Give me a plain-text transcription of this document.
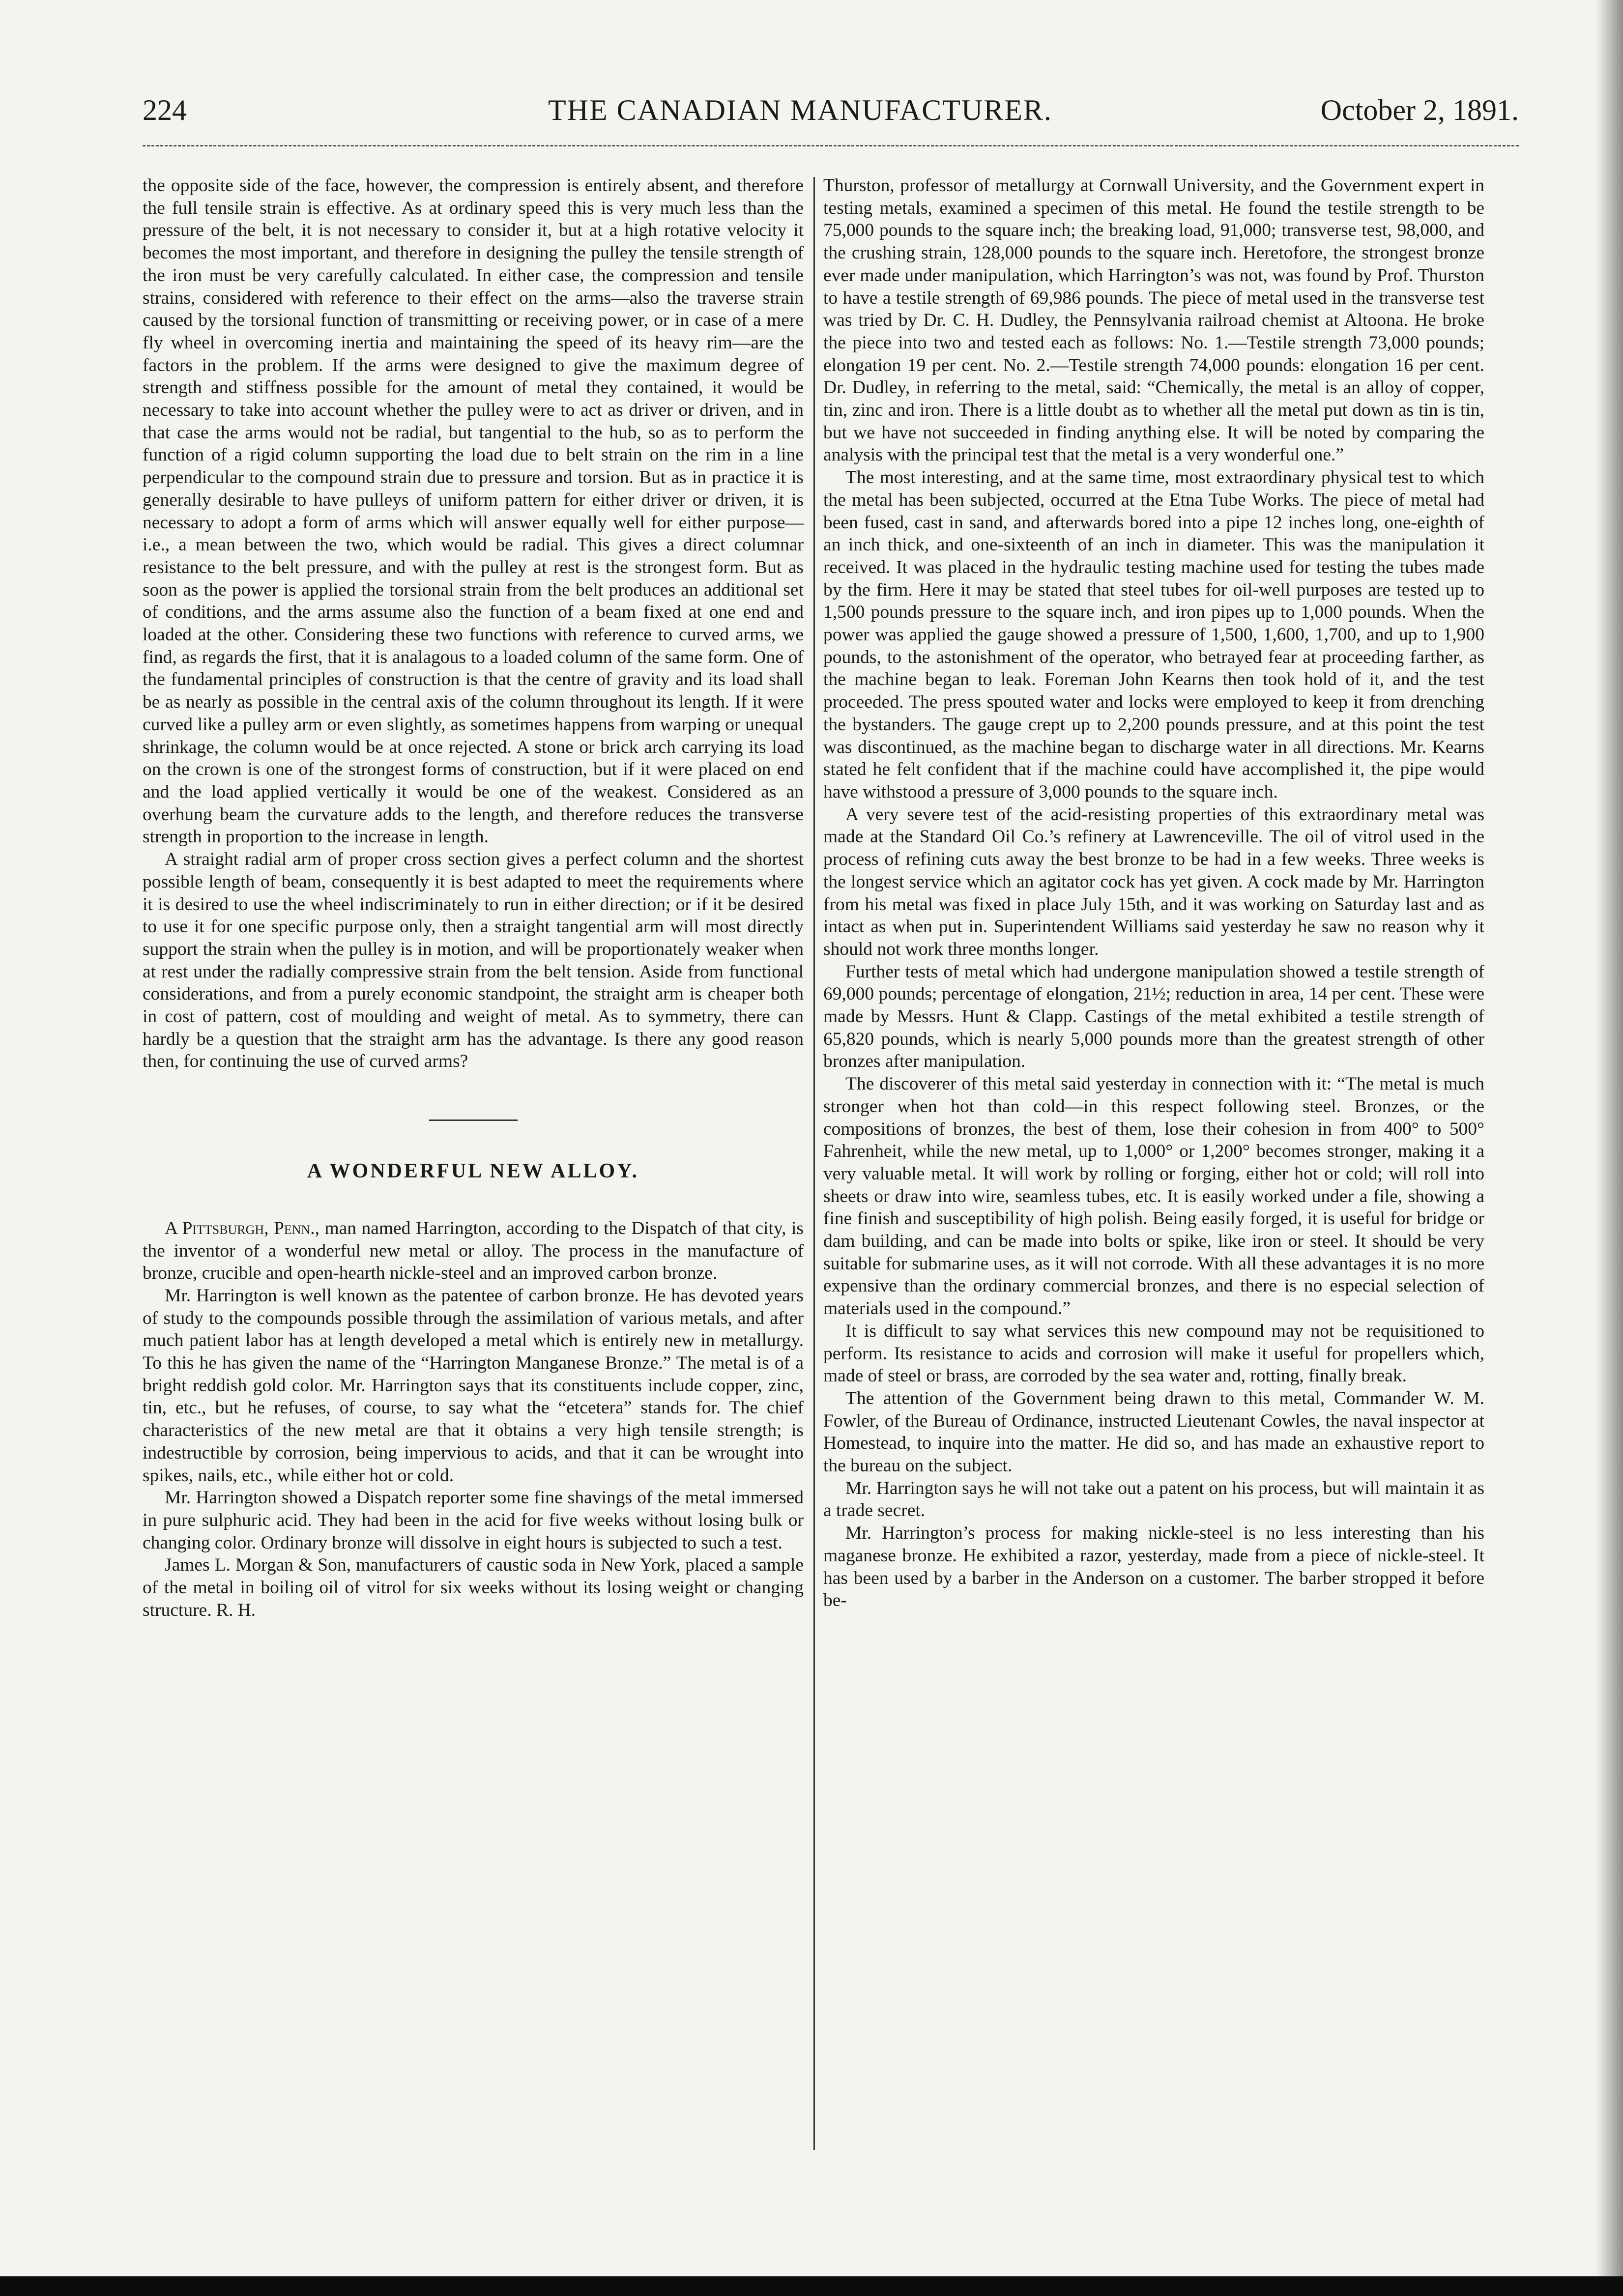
224	THE CANADIAN MANUFACTURER.	October 2, 1891.

the opposite side of the face, however, the compression is entirely absent, and therefore the full tensile strain is effective. As at ordinary speed this is very much less than the pressure of the belt, it is not necessary to consider it, but at a high rotative velocity it becomes the most important, and therefore in designing the pulley the tensile strength of the iron must be very carefully calculated. In either case, the compression and tensile strains, considered with reference to their effect on the arms—also the traverse strain caused by the torsional function of transmitting or receiving power, or in case of a mere fly wheel in overcoming inertia and maintaining the speed of its heavy rim—are the factors in the problem. If the arms were designed to give the maximum degree of strength and stiffness possible for the amount of metal they contained, it would be necessary to take into account whether the pulley were to act as driver or driven, and in that case the arms would not be radial, but tangential to the hub, so as to perform the function of a rigid column supporting the load due to belt strain on the rim in a line perpendicular to the compound strain due to pressure and torsion. But as in practice it is generally desirable to have pulleys of uniform pattern for either driver or driven, it is necessary to adopt a form of arms which will answer equally well for either purpose—i.e., a mean between the two, which would be radial. This gives a direct columnar resistance to the belt pressure, and with the pulley at rest is the strongest form. But as soon as the power is applied the torsional strain from the belt produces an additional set of conditions, and the arms assume also the function of a beam fixed at one end and loaded at the other. Considering these two functions with reference to curved arms, we find, as regards the first, that it is analagous to a loaded column of the same form. One of the fundamental principles of construction is that the centre of gravity and its load shall be as nearly as possible in the central axis of the column throughout its length. If it were curved like a pulley arm or even slightly, as sometimes happens from warping or unequal shrinkage, the column would be at once rejected. A stone or brick arch carrying its load on the crown is one of the strongest forms of construction, but if it were placed on end and the load applied vertically it would be one of the weakest. Considered as an overhung beam the curvature adds to the length, and therefore reduces the transverse strength in proportion to the increase in length.

A straight radial arm of proper cross section gives a perfect column and the shortest possible length of beam, consequently it is best adapted to meet the requirements where it is desired to use the wheel indiscriminately to run in either direction; or if it be desired to use it for one specific purpose only, then a straight tangential arm will most directly support the strain when the pulley is in motion, and will be proportionately weaker when at rest under the radially compressive strain from the belt tension. Aside from functional considerations, and from a purely economic standpoint, the straight arm is cheaper both in cost of pattern, cost of moulding and weight of metal. As to symmetry, there can hardly be a question that the straight arm has the advantage. Is there any good reason then, for continuing the use of curved arms?

A WONDERFUL NEW ALLOY.

A Pittsburgh, Penn., man named Harrington, according to the Dispatch of that city, is the inventor of a wonderful new metal or alloy. The process in the manufacture of bronze, crucible and open-hearth nickle-steel and an improved carbon bronze.

Mr. Harrington is well known as the patentee of carbon bronze. He has devoted years of study to the compounds possible through the assimilation of various metals, and after much patient labor has at length developed a metal which is entirely new in metallurgy. To this he has given the name of the “Harrington Manganese Bronze.” The metal is of a bright reddish gold color. Mr. Harrington says that its constituents include copper, zinc, tin, etc., but he refuses, of course, to say what the “etcetera” stands for. The chief characteristics of the new metal are that it obtains a very high tensile strength; is indestructible by corrosion, being impervious to acids, and that it can be wrought into spikes, nails, etc., while either hot or cold.

Mr. Harrington showed a Dispatch reporter some fine shavings of the metal immersed in pure sulphuric acid. They had been in the acid for five weeks without losing bulk or changing color. Ordinary bronze will dissolve in eight hours is subjected to such a test.

James L. Morgan & Son, manufacturers of caustic soda in New York, placed a sample of the metal in boiling oil of vitrol for six weeks without its losing weight or changing structure. R. H.

Thurston, professor of metallurgy at Cornwall University, and the Government expert in testing metals, examined a specimen of this metal. He found the testile strength to be 75,000 pounds to the square inch; the breaking load, 91,000; transverse test, 98,000, and the crushing strain, 128,000 pounds to the square inch. Heretofore, the strongest bronze ever made under manipulation, which Harrington’s was not, was found by Prof. Thurston to have a testile strength of 69,986 pounds. The piece of metal used in the transverse test was tried by Dr. C. H. Dudley, the Pennsylvania railroad chemist at Altoona. He broke the piece into two and tested each as follows: No. 1.—Testile strength 73,000 pounds; elongation 19 per cent. No. 2.—Testile strength 74,000 pounds: elongation 16 per cent. Dr. Dudley, in referring to the metal, said: “Chemically, the metal is an alloy of copper, tin, zinc and iron. There is a little doubt as to whether all the metal put down as tin is tin, but we have not succeeded in finding anything else. It will be noted by comparing the analysis with the principal test that the metal is a very wonderful one.”

The most interesting, and at the same time, most extraordinary physical test to which the metal has been subjected, occurred at the Etna Tube Works. The piece of metal had been fused, cast in sand, and afterwards bored into a pipe 12 inches long, one-eighth of an inch thick, and one-sixteenth of an inch in diameter. This was the manipulation it received. It was placed in the hydraulic testing machine used for testing the tubes made by the firm. Here it may be stated that steel tubes for oil-well purposes are tested up to 1,500 pounds pressure to the square inch, and iron pipes up to 1,000 pounds. When the power was applied the gauge showed a pressure of 1,500, 1,600, 1,700, and up to 1,900 pounds, to the astonishment of the operator, who betrayed fear at proceeding farther, as the machine began to leak. Foreman John Kearns then took hold of it, and the test proceeded. The press spouted water and locks were employed to keep it from drenching the bystanders. The gauge crept up to 2,200 pounds pressure, and at this point the test was discontinued, as the machine began to discharge water in all directions. Mr. Kearns stated he felt confident that if the machine could have accomplished it, the pipe would have withstood a pressure of 3,000 pounds to the square inch.

A very severe test of the acid-resisting properties of this extraordinary metal was made at the Standard Oil Co.’s refinery at Lawrenceville. The oil of vitrol used in the process of refining cuts away the best bronze to be had in a few weeks. Three weeks is the longest service which an agitator cock has yet given. A cock made by Mr. Harrington from his metal was fixed in place July 15th, and it was working on Saturday last and as intact as when put in. Superintendent Williams said yesterday he saw no reason why it should not work three months longer.

Further tests of metal which had undergone manipulation showed a testile strength of 69,000 pounds; percentage of elongation, 21½; reduction in area, 14 per cent. These were made by Messrs. Hunt & Clapp. Castings of the metal exhibited a testile strength of 65,820 pounds, which is nearly 5,000 pounds more than the greatest strength of other bronzes after manipulation.

The discoverer of this metal said yesterday in connection with it: “The metal is much stronger when hot than cold—in this respect following steel. Bronzes, or the compositions of bronzes, the best of them, lose their cohesion in from 400° to 500° Fahrenheit, while the new metal, up to 1,000° or 1,200° becomes stronger, making it a very valuable metal. It will work by rolling or forging, either hot or cold; will roll into sheets or draw into wire, seamless tubes, etc. It is easily worked under a file, showing a fine finish and susceptibility of high polish. Being easily forged, it is useful for bridge or dam building, and can be made into bolts or spike, like iron or steel. It should be very suitable for submarine uses, as it will not corrode. With all these advantages it is no more expensive than the ordinary commercial bronzes, and there is no especial selection of materials used in the compound.”

It is difficult to say what services this new compound may not be requisitioned to perform. Its resistance to acids and corrosion will make it useful for propellers which, made of steel or brass, are corroded by the sea water and, rotting, finally break.

The attention of the Government being drawn to this metal, Commander W. M. Fowler, of the Bureau of Ordinance, instructed Lieutenant Cowles, the naval inspector at Homestead, to inquire into the matter. He did so, and has made an exhaustive report to the bureau on the subject.

Mr. Harrington says he will not take out a patent on his process, but will maintain it as a trade secret.

Mr. Harrington’s process for making nickle-steel is no less interesting than his maganese bronze. He exhibited a razor, yesterday, made from a piece of nickle-steel. It has been used by a barber in the Anderson on a customer. The barber stropped it before be-
